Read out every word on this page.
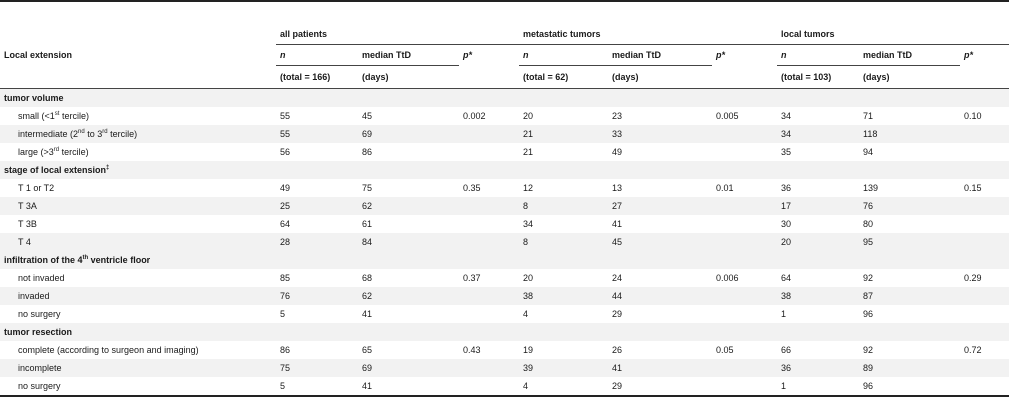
	all patients			metastatic tumors			local tumors		
Local extension	n	median TtD	p*	n	median TtD	p*	n	median TtD	p*
	(total = 166)	(days)		(total = 62)	(days)		(total = 103)	(days)	
tumor volume									
small (<1st tercile)	55	45	0.002	20	23	0.005	34	71	0.10
intermediate (2nd to 3rd tercile)	55	69		21	33		34	118	
large (>3rd tercile)	56	86		21	49		35	94	
stage of local extension‡
T 1 or T2	49	75	0.35	12	13	0.01	36	139	0.15
T 3A	25	62		8	27		17	76	
T 3B	64	61		34	41		30	80	
T 4	28	84		8	45		20	95	
infiltration of the 4th ventricle floor									
not invaded	85	68	0.37	20	24	0.006	64	92	0.29
invaded	76	62		38	44		38	87	
no surgery	5	41		4	29		1	96	
tumor resection									
complete (according to surgeon and imaging)	86	65	0.43	19	26	0.05	66	92	0.72
incomplete	75	69		39	41		36	89	
no surgery	5	41		4	29		1	96	
